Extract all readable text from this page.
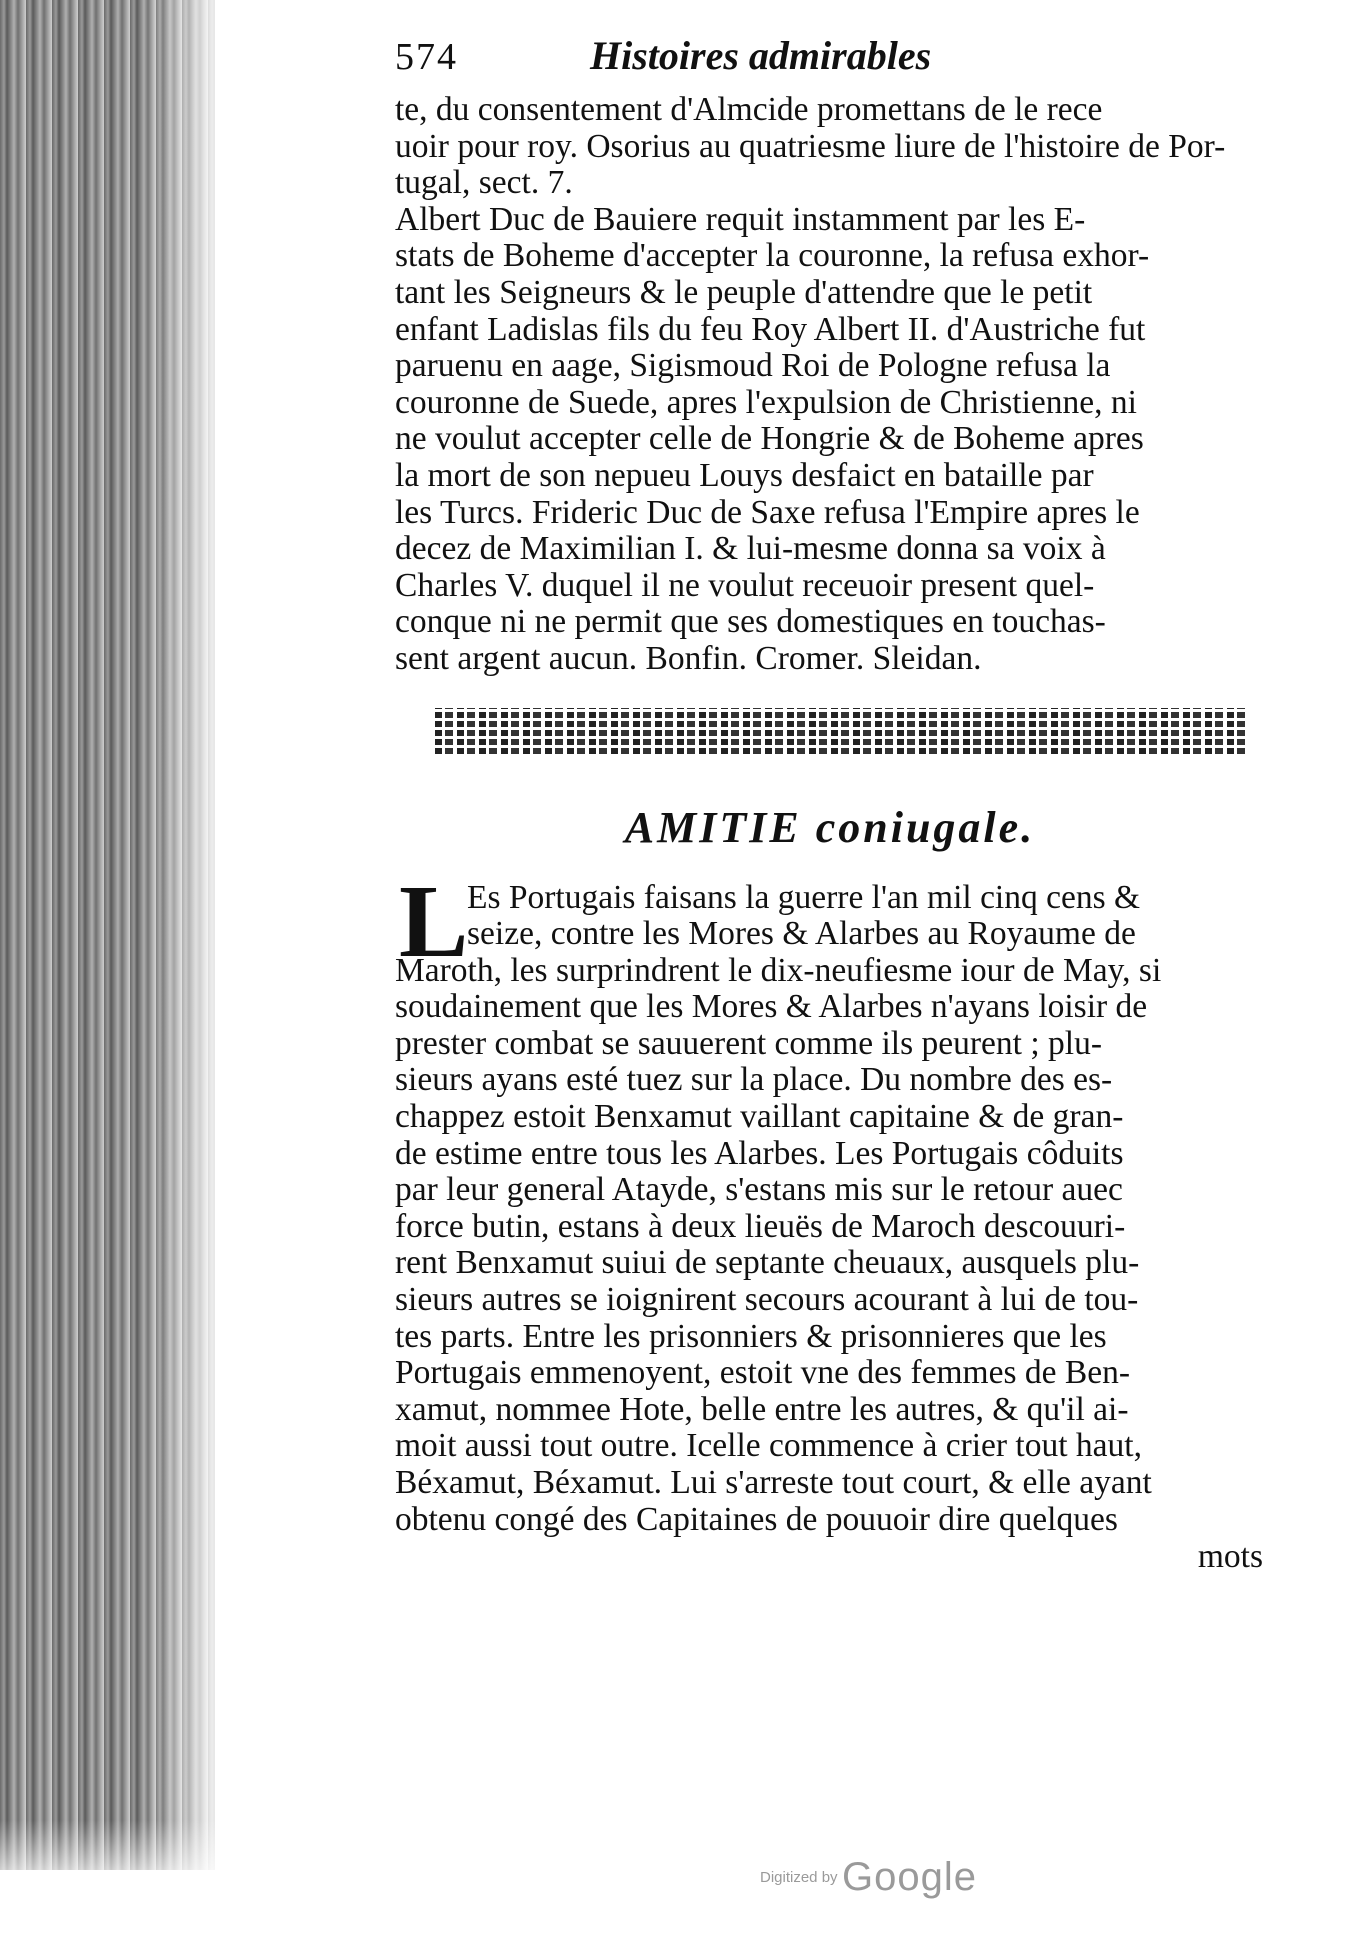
574	Histoires admirables
te, du consentement d'Almcide promettans de le rece
uoir pour roy. Osorius au quatriesme liure de l'histoire de Por-
tugal, sect. 7.
Albert Duc de Bauiere requit instamment par les E-
stats de Boheme d'accepter la couronne, la refusa exhor-
tant les Seigneurs & le peuple d'attendre que le petit
enfant Ladislas fils du feu Roy Albert II. d'Austriche fut
paruenu en aage, Sigismoud Roi de Pologne refusa la
couronne de Suede, apres l'expulsion de Christienne, ni
ne voulut accepter celle de Hongrie & de Boheme apres
la mort de son nepueu Louys desfaict en bataille par
les Turcs. Frideric Duc de Saxe refusa l'Empire apres le
decez de Maximilian I. & lui-mesme donna sa voix à
Charles V. duquel il ne voulut receuoir present quel-
conque ni ne permit que ses domestiques en touchas-
sent argent aucun. Bonfin. Cromer. Sleidan.
AMITIE coniugale.
L
Es Portugais faisans la guerre l'an mil cinq cens &
seize, contre les Mores & Alarbes au Royaume de
Maroth, les surprindrent le dix-neufiesme iour de May, si
soudainement que les Mores & Alarbes n'ayans loisir de
prester combat se sauuerent comme ils peurent ; plu-
sieurs ayans esté tuez sur la place. Du nombre des es-
chappez estoit Benxamut vaillant capitaine & de gran-
de estime entre tous les Alarbes. Les Portugais côduits
par leur general Atayde, s'estans mis sur le retour auec
force butin, estans à deux lieuës de Maroch descouuri-
rent Benxamut suiui de septante cheuaux, ausquels plu-
sieurs autres se ioignirent secours acourant à lui de tou-
tes parts. Entre les prisonniers & prisonnieres que les
Portugais emmenoyent, estoit vne des femmes de Ben-
xamut, nommee Hote, belle entre les autres, & qu'il ai-
moit aussi tout outre. Icelle commence à crier tout haut,
Béxamut, Béxamut. Lui s'arreste tout court, & elle ayant
obtenu congé des Capitaines de pouuoir dire quelques
mots
Digitized by Google
